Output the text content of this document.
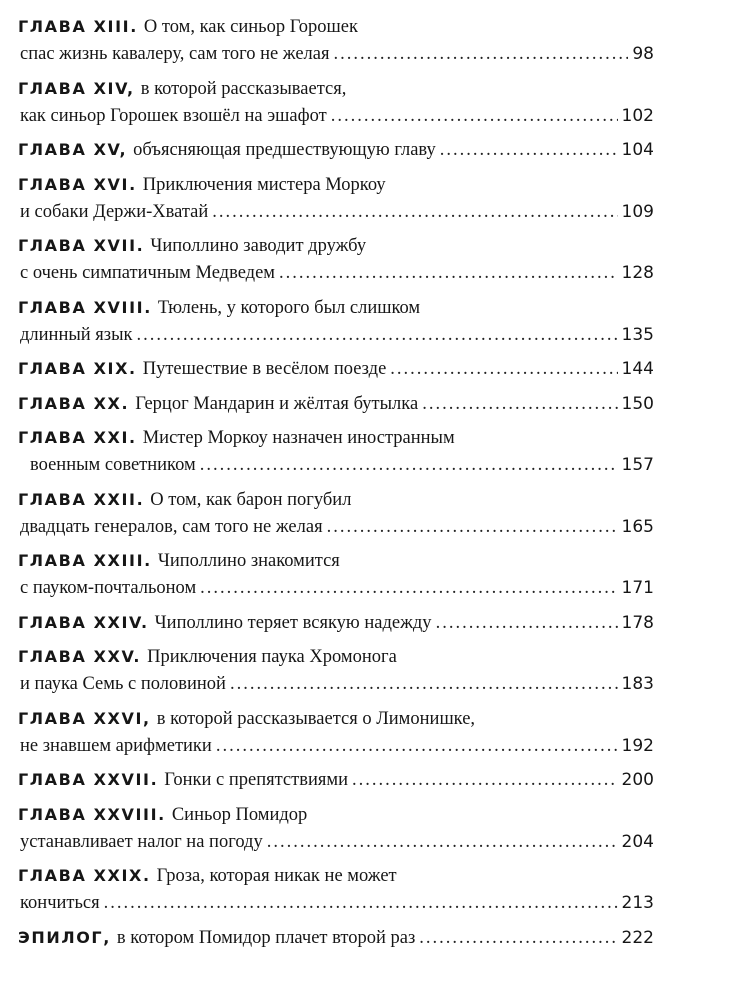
ГЛАВА XIII. О том, как синьор Горошек
спас жизнь кавалеру, сам того не желая .....	98
ГЛАВА XIV, в которой рассказывается,
как синьор Горошек взошёл на эшафот .....	102
ГЛАВА XV, объясняющая предшествующую главу .....	104
ГЛАВА XVI. Приключения мистера Моркоу
и собаки Держи-Хватай .....	109
ГЛАВА XVII. Чиполлино заводит дружбу
с очень симпатичным Медведем .....	128
ГЛАВА XVIII. Тюлень, у которого был слишком
длинный язык .....	135
ГЛАВА XIX. Путешествие в весёлом поезде .....	144
ГЛАВА XX. Герцог Мандарин и жёлтая бутылка .....	150
ГЛАВА XXI. Мистер Моркоу назначен иностранным
военным советником .....	157
ГЛАВА XXII. О том, как барон погубил
двадцать генералов, сам того не желая .....	165
ГЛАВА XXIII. Чиполлино знакомится
с пауком-почтальоном .....	171
ГЛАВА XXIV. Чиполлино теряет всякую надежду .....	178
ГЛАВА XXV. Приключения паука Хромонога
и паука Семь с половиной .....	183
ГЛАВА XXVI, в которой рассказывается о Лимонишке,
не знавшем арифметики .....	192
ГЛАВА XXVII. Гонки с препятствиями .....	200
ГЛАВА XXVIII. Синьор Помидор
устанавливает налог на погоду .....	204
ГЛАВА XXIX. Гроза, которая никак не может
кончиться .....	213
ЭПИЛОГ, в котором Помидор плачет второй раз .....	222
